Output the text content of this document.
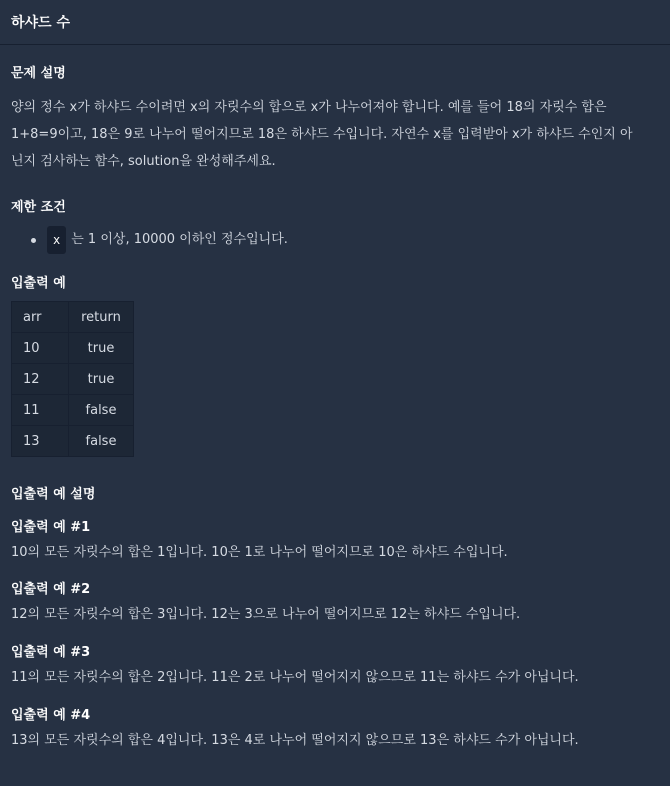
하샤드 수
문제 설명

양의 정수 x가 하샤드 수이려면 x의 자릿수의 합으로 x가 나누어져야 합니다. 예를 들어 18의 자릿수 합은

1+8=9이고, 18은 9로 나누어 떨어지므로 18은 하샤드 수입니다. 자연수 x를 입력받아 x가 하샤드 수인지 아

닌지 검사하는 함수, solution을 완성해주세요.

제한 조건
x 는 1 이상, 10000 이하인 정수입니다.
입출력 예
arr	return
10	true
12	true
11	false
13	false
입출력 예 설명
입출력 예 #1
10의 모든 자릿수의 합은 1입니다. 10은 1로 나누어 떨어지므로 10은 하샤드 수입니다.
입출력 예 #2
12의 모든 자릿수의 합은 3입니다. 12는 3으로 나누어 떨어지므로 12는 하샤드 수입니다.
입출력 예 #3
11의 모든 자릿수의 합은 2입니다. 11은 2로 나누어 떨어지지 않으므로 11는 하샤드 수가 아닙니다.
입출력 예 #4
13의 모든 자릿수의 합은 4입니다. 13은 4로 나누어 떨어지지 않으므로 13은 하샤드 수가 아닙니다.
